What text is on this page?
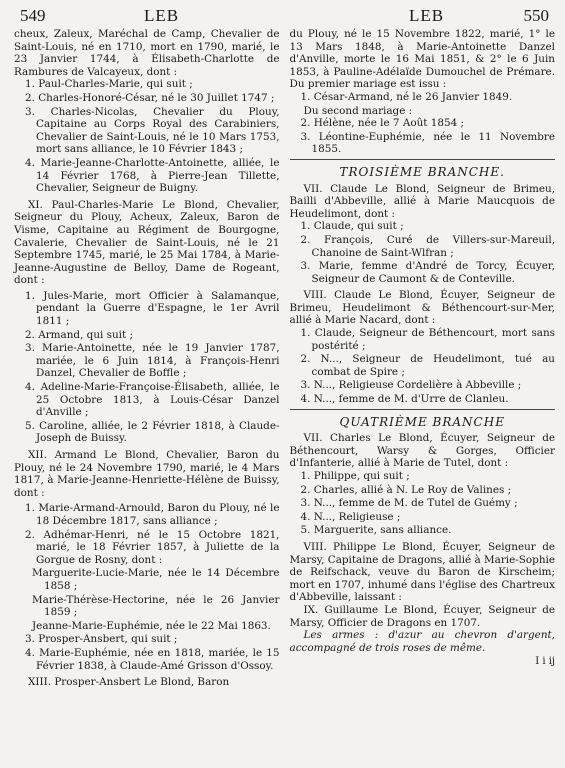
549	LEB	LEB	550

cheux, Zaleux, Maréchal de Camp, Chevalier de Saint-Louis, né en 1710, mort en 1790, marié, le 23 Janvier 1744, à Élisabeth-Charlotte de Rambures de Valcayeux, dont :

1. Paul-Charles-Marie, qui suit ;
2. Charles-Honoré-César, né le 30 Juillet 1747 ;
3. Charles-Nicolas, Chevalier du Plouy, Capitaine au Corps Royal des Carabiniers, Chevalier de Saint-Louis, né le 10 Mars 1753, mort sans alliance, le 10 Février 1843 ;
4. Marie-Jeanne-Charlotte-Antoinette, alliée, le 14 Février 1768, à Pierre-Jean Tillette, Chevalier, Seigneur de Buigny.

XI. Paul-Charles-Marie Le Blond, Chevalier, Seigneur du Plouy, Acheux, Zaleux, Baron de Visme, Capitaine au Régiment de Bourgogne, Cavalerie, Chevalier de Saint-Louis, né le 21 Septembre 1745, marié, le 25 Mai 1784, à Marie-Jeanne-Augustine de Belloy, Dame de Rogeant, dont :

1. Jules-Marie, mort Officier à Salamanque, pendant la Guerre d'Espagne, le 1er Avril 1811 ;
2. Armand, qui suit ;
3. Marie-Antoinette, née le 19 Janvier 1787, mariée, le 6 Juin 1814, à François-Henri Danzel, Chevalier de Boffle ;
4. Adeline-Marie-Françoise-Élisabeth, alliée, le 25 Octobre 1813, à Louis-César Danzel d'Anville ;
5. Caroline, alliée, le 2 Février 1818, à Claude-Joseph de Buissy.

XII. Armand Le Blond, Chevalier, Baron du Plouy, né le 24 Novembre 1790, marié, le 4 Mars 1817, à Marie-Jeanne-Henriette-Hélène de Buissy, dont :

1. Marie-Armand-Arnould, Baron du Plouy, né le 18 Décembre 1817, sans alliance ;
2. Adhémar-Henri, né le 15 Octobre 1821, marié, le 18 Février 1857, à Juliette de la Gorgue de Rosny, dont :
Marguerite-Lucie-Marie, née le 14 Décembre 1858 ;
Marie-Thérèse-Hectorine, née le 26 Janvier 1859 ;
Jeanne-Marie-Euphémie, née le 22 Mai 1863.
3. Prosper-Ansbert, qui suit ;
4. Marie-Euphémie, née en 1818, mariée, le 15 Février 1838, à Claude-Amé Grisson d'Ossoy.

XIII. Prosper-Ansbert Le Blond, Baron

du Plouy, né le 15 Novembre 1822, marié, 1° le 13 Mars 1848, à Marie-Antoinette Danzel d'Anville, morte le 16 Mai 1851, & 2° le 6 Juin 1853, à Pauline-Adélaïde Dumouchel de Prémare. Du premier mariage est issu :

1. César-Armand, né le 26 Janvier 1849.

Du second mariage :

2. Hélène, née le 7 Août 1854 ;
3. Léontine-Euphémie, née le 11 Novembre 1855.
TROISIÈME BRANCHE.

VII. Claude Le Blond, Seigneur de Brimeu, Bailli d'Abbeville, allié à Marie Maucquois de Heudelimont, dont :

1. Claude, qui suit ;
2. François, Curé de Villers-sur-Mareuil, Chanoine de Saint-Wlfran ;
3. Marie, femme d'André de Torcy, Écuyer, Seigneur de Caumont & de Conteville.

VIII. Claude Le Blond, Écuyer, Seigneur de Brimeu, Heudelimont & Béthencourt-sur-Mer, allié à Marie Nacard, dont :

1. Claude, Seigneur de Béthencourt, mort sans postérité ;
2. N..., Seigneur de Heudelimont, tué au combat de Spire ;
3. N..., Religieuse Cordelière à Abbeville ;
4. N..., femme de M. d'Urre de Clanleu.
QUATRIÈME BRANCHE

VII. Charles Le Blond, Écuyer, Seigneur de Béthencourt, Warsy & Gorges, Officier d'Infanterie, allié à Marie de Tutel, dont :

1. Philippe, qui suit ;
2. Charles, allié à N. Le Roy de Valines ;
3. N..., femme de M. de Tutel de Guémy ;
4. N..., Religieuse ;
5. Marguerite, sans alliance.

VIII. Philippe Le Blond, Écuyer, Seigneur de Marsy, Capitaine de Dragons, allié à Marie-Sophie de Reifschack, veuve du Baron de Kirscheim; mort en 1707, inhumé dans l'église des Chartreux d'Abbeville, laissant :

IX. Guillaume Le Blond, Écuyer, Seigneur de Marsy, Officier de Dragons en 1707.

Les armes : d'azur au chevron d'argent, accompagné de trois roses de même.

I i ij
